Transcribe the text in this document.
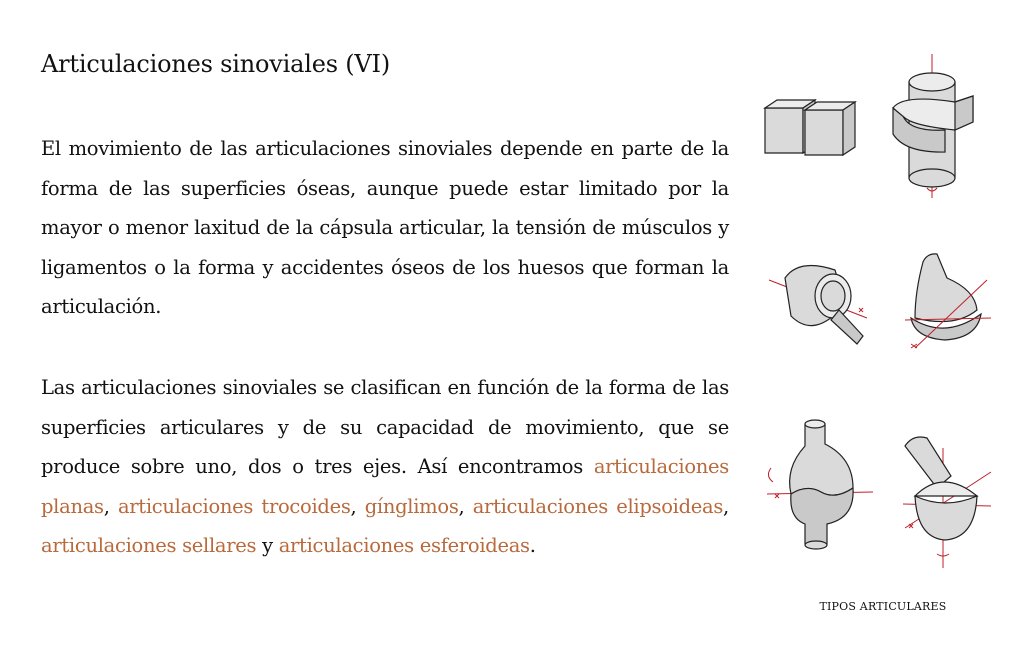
Articulaciones sinoviales (VI)

El movimiento de las articulaciones sinoviales depende en parte de la forma de las superficies óseas, aunque puede estar limitado por la mayor o menor laxitud de la cápsula articular, la tensión de músculos y ligamentos o la forma y accidentes óseos de los huesos que forman la articulación.

Las articulaciones sinoviales se clasifican en función de la forma de las superficies articulares y de su capacidad de movimiento, que se produce sobre uno, dos o tres ejes. Así encontramos articulaciones planas, articulaciones trocoides, gínglimos, articulaciones elipsoideas, articulaciones sellares y articulaciones esferoideas.

TIPOS ARTICULARES
